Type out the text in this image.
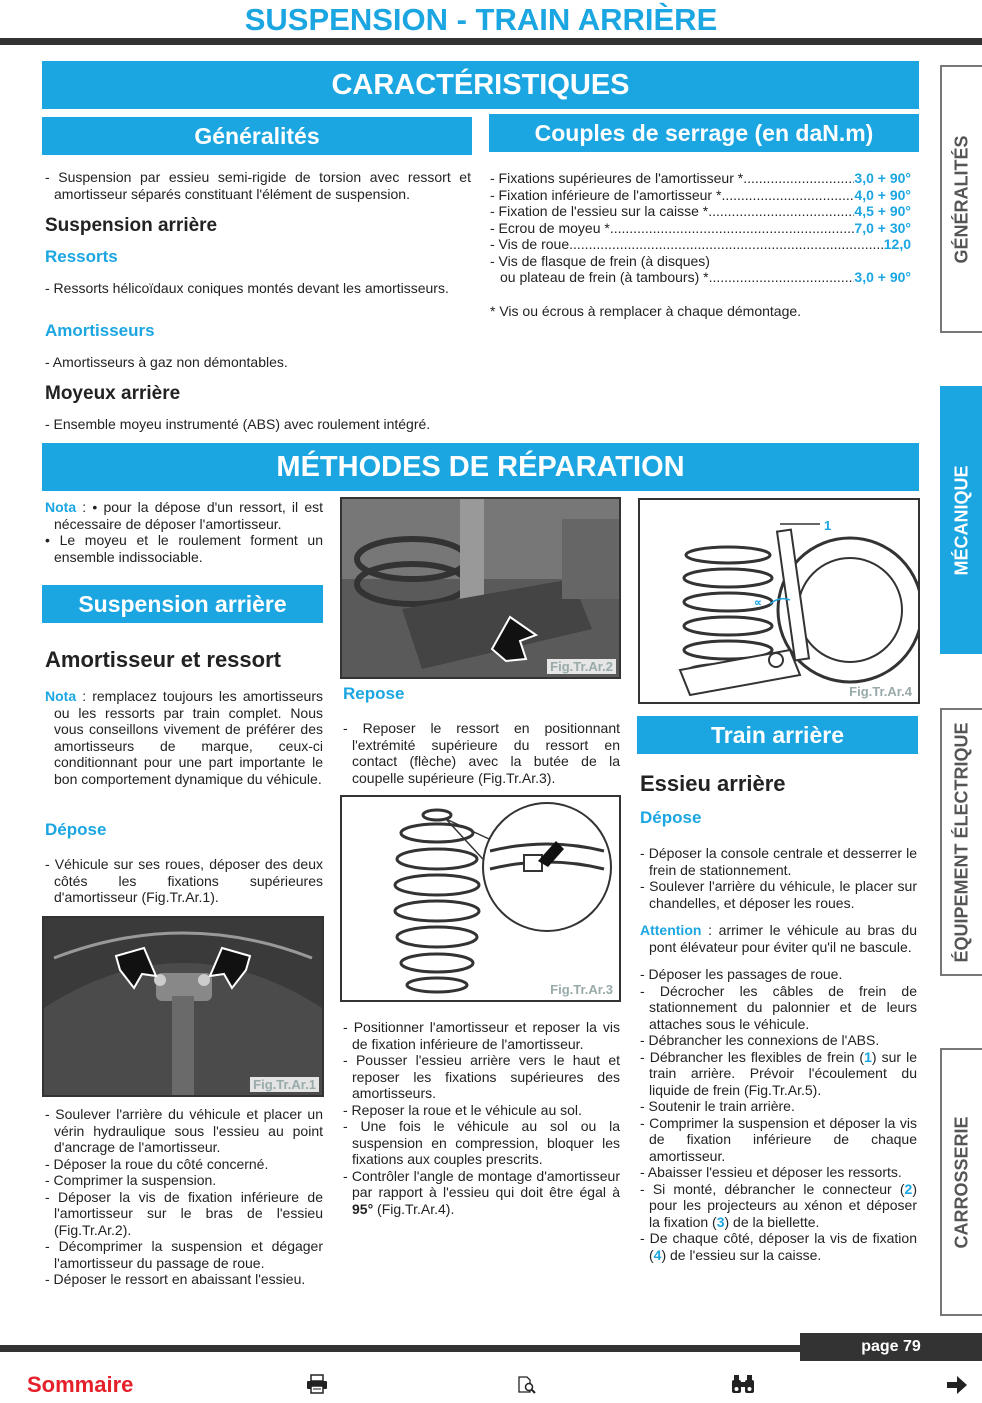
SUSPENSION - TRAIN ARRIÈRE
CARACTÉRISTIQUES
Généralités

- Suspension par essieu semi-rigide de torsion avec ressort et amortisseur séparés constituant l'élément de suspension.

Suspension arrière
Ressorts

- Ressorts hélicoïdaux coniques montés devant les amortisseurs.

Amortisseurs

- Amortisseurs à gaz non démontables.

Moyeux arrière

- Ensemble moyeu instrumenté (ABS) avec roulement intégré.

Couples de serrage (en daN.m)
- Fixations supérieures de l'amortisseur * .....	3,0 + 90°
- Fixation inférieure de l'amortisseur * .....	4,0 + 90°
- Fixation de l'essieu sur la caisse * .....	4,5 + 90°
- Ecrou de moyeu * .....	7,0 + 30°
- Vis de roue .....	12,0
- Vis de flasque de frein (à disques)
ou plateau de frein (à tambours) * .....	3,0 + 90°
* Vis ou écrous à remplacer à chaque démontage.
MÉTHODES DE RÉPARATION

Nota : • pour la dépose d'un ressort, il est nécessaire de déposer l'amortisseur.

• Le moyeu et le roulement forment un ensemble indissociable.

Suspension arrière
Amortisseur et ressort

Nota : remplacez toujours les amortisseurs ou les ressorts par train complet. Nous vous conseillons vivement de préférer des amortisseurs de marque, ceux-ci conditionnant pour une part importante le bon comportement dynamique du véhicule.

Dépose

- Véhicule sur ses roues, déposer des deux côtés les fixations supérieures d'amortisseur (Fig.Tr.Ar.1).

Fig.Tr.Ar.1

- Soulever l'arrière du véhicule et placer un vérin hydraulique sous l'essieu au point d'ancrage de l'amortisseur.

- Déposer la roue du côté concerné.

- Comprimer la suspension.

- Déposer la vis de fixation inférieure de l'amortisseur sur le bras de l'essieu (Fig.Tr.Ar.2).

- Décomprimer la suspension et dégager l'amortisseur du passage de roue.

- Déposer le ressort en abaissant l'essieu.

Fig.Tr.Ar.2
Repose

- Reposer le ressort en positionnant l'extrémité supérieure du ressort en contact (flèche) avec la butée de la coupelle supérieure (Fig.Tr.Ar.3).

Fig.Tr.Ar.3

- Positionner l'amortisseur et reposer la vis de fixation inférieure de l'amortisseur.

- Pousser l'essieu arrière vers le haut et reposer les fixations supérieures des amortisseurs.

- Reposer la roue et le véhicule au sol.

- Une fois le véhicule au sol ou la suspension en compression, bloquer les fixations aux couples prescrits.

- Contrôler l'angle de montage d'amortisseur par rapport à l'essieu qui doit être égal à 95° (Fig.Tr.Ar.4).

1
∝
Fig.Tr.Ar.4
Train arrière
Essieu arrière
Dépose

- Déposer la console centrale et desserrer le frein de stationnement.

- Soulever l'arrière du véhicule, le placer sur chandelles, et déposer les roues.

Attention : arrimer le véhicule au bras du pont élévateur pour éviter qu'il ne bascule.

- Déposer les passages de roue.

- Décrocher les câbles de frein de stationnement du palonnier et de leurs attaches sous le véhicule.

- Débrancher les connexions de l'ABS.

- Débrancher les flexibles de frein (1) sur le train arrière. Prévoir l'écoulement du liquide de frein (Fig.Tr.Ar.5).

- Soutenir le train arrière.

- Comprimer la suspension et déposer la vis de fixation inférieure de chaque amortisseur.

- Abaisser l'essieu et déposer les ressorts.

- Si monté, débrancher le connecteur (2) pour les projecteurs au xénon et déposer la fixation (3) de la biellette.

- De chaque côté, déposer la vis de fixation (4) de l'essieu sur la caisse.

GÉNÉRALITÉS
MÉCANIQUE
ÉQUIPEMENT ÉLECTRIQUE
CARROSSERIE
page 79
Sommaire
